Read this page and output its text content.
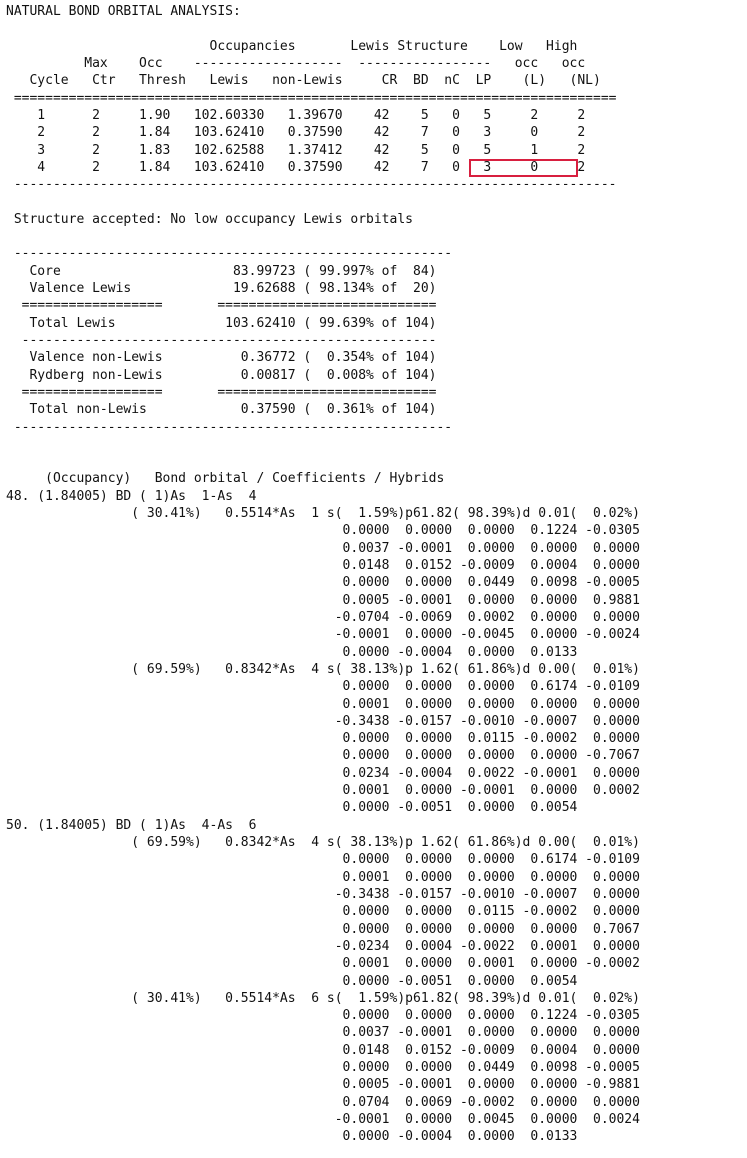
NATURAL BOND ORBITAL ANALYSIS:
Occupancies       Lewis Structure    Low   High
Max    Occ    -------------------  -----------------   occ   occ
Cycle   Ctr   Thresh   Lewis   non-Lewis     CR  BD  nC  LP    (L)   (NL)
=============================================================================
1      2     1.90   102.60330   1.39670    42    5   0   5     2     2
2      2     1.84   103.62410   0.37590    42    7   0   3     0     2
3      2     1.83   102.62588   1.37412    42    5   0   5     1     2
4      2     1.84   103.62410   0.37590    42    7   0   3     0     2
-----------------------------------------------------------------------------
Structure accepted: No low occupancy Lewis orbitals
--------------------------------------------------------
Core                      83.99723 ( 99.997% of  84)
Valence Lewis             19.62688 ( 98.134% of  20)
==================       ============================
Total Lewis              103.62410 ( 99.639% of 104)
-----------------------------------------------------
Valence non-Lewis          0.36772 (  0.354% of 104)
Rydberg non-Lewis          0.00817 (  0.008% of 104)
==================       ============================
Total non-Lewis            0.37590 (  0.361% of 104)
--------------------------------------------------------
(Occupancy)   Bond orbital / Coefficients / Hybrids
48. (1.84005) BD ( 1)As  1-As  4
( 30.41%)   0.5514*As  1 s(  1.59%)p61.82( 98.39%)d 0.01(  0.02%)
0.0000  0.0000  0.0000  0.1224 -0.0305
0.0037 -0.0001  0.0000  0.0000  0.0000
0.0148  0.0152 -0.0009  0.0004  0.0000
0.0000  0.0000  0.0449  0.0098 -0.0005
0.0005 -0.0001  0.0000  0.0000  0.9881
-0.0704 -0.0069  0.0002  0.0000  0.0000
-0.0001  0.0000 -0.0045  0.0000 -0.0024
0.0000 -0.0004  0.0000  0.0133
( 69.59%)   0.8342*As  4 s( 38.13%)p 1.62( 61.86%)d 0.00(  0.01%)
0.0000  0.0000  0.0000  0.6174 -0.0109
0.0001  0.0000  0.0000  0.0000  0.0000
-0.3438 -0.0157 -0.0010 -0.0007  0.0000
0.0000  0.0000  0.0115 -0.0002  0.0000
0.0000  0.0000  0.0000  0.0000 -0.7067
0.0234 -0.0004  0.0022 -0.0001  0.0000
0.0001  0.0000 -0.0001  0.0000  0.0002
0.0000 -0.0051  0.0000  0.0054
50. (1.84005) BD ( 1)As  4-As  6
( 69.59%)   0.8342*As  4 s( 38.13%)p 1.62( 61.86%)d 0.00(  0.01%)
0.0000  0.0000  0.0000  0.6174 -0.0109
0.0001  0.0000  0.0000  0.0000  0.0000
-0.3438 -0.0157 -0.0010 -0.0007  0.0000
0.0000  0.0000  0.0115 -0.0002  0.0000
0.0000  0.0000  0.0000  0.0000  0.7067
-0.0234  0.0004 -0.0022  0.0001  0.0000
0.0001  0.0000  0.0001  0.0000 -0.0002
0.0000 -0.0051  0.0000  0.0054
( 30.41%)   0.5514*As  6 s(  1.59%)p61.82( 98.39%)d 0.01(  0.02%)
0.0000  0.0000  0.0000  0.1224 -0.0305
0.0037 -0.0001  0.0000  0.0000  0.0000
0.0148  0.0152 -0.0009  0.0004  0.0000
0.0000  0.0000  0.0449  0.0098 -0.0005
0.0005 -0.0001  0.0000  0.0000 -0.9881
0.0704  0.0069 -0.0002  0.0000  0.0000
-0.0001  0.0000  0.0045  0.0000  0.0024
0.0000 -0.0004  0.0000  0.0133
